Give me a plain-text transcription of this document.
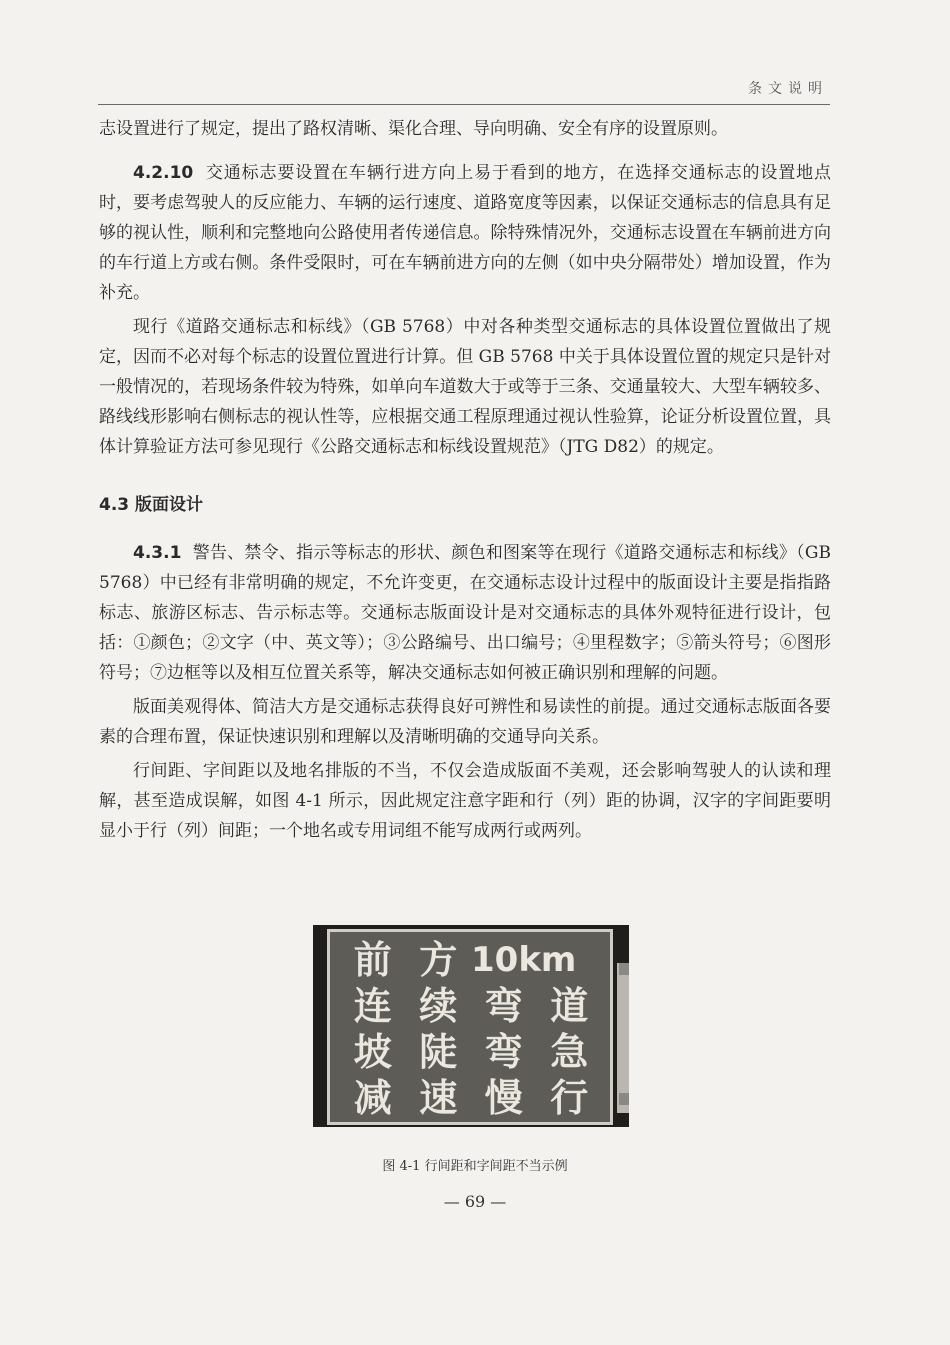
条文说明

志设置进行了规定，提出了路权清晰、渠化合理、导向明确、安全有序的设置原则。

4.2.10 交通标志要设置在车辆行进方向上易于看到的地方，在选择交通标志的设置地点时，要考虑驾驶人的反应能力、车辆的运行速度、道路宽度等因素，以保证交通标志的信息具有足够的视认性，顺利和完整地向公路使用者传递信息。除特殊情况外，交通标志设置在车辆前进方向的车行道上方或右侧。条件受限时，可在车辆前进方向的左侧（如中央分隔带处）增加设置，作为补充。

现行《道路交通标志和标线》（GB 5768）中对各种类型交通标志的具体设置位置做出了规定，因而不必对每个标志的设置位置进行计算。但 GB 5768 中关于具体设置位置的规定只是针对一般情况的，若现场条件较为特殊，如单向车道数大于或等于三条、交通量较大、大型车辆较多、路线线形影响右侧标志的视认性等，应根据交通工程原理通过视认性验算，论证分析设置位置，具体计算验证方法可参见现行《公路交通标志和标线设置规范》（JTG D82）的规定。

4.3 版面设计

4.3.1 警告、禁令、指示等标志的形状、颜色和图案等在现行《道路交通标志和标线》（GB 5768）中已经有非常明确的规定，不允许变更，在交通标志设计过程中的版面设计主要是指指路标志、旅游区标志、告示标志等。交通标志版面设计是对交通标志的具体外观特征进行设计，包括：①颜色；②文字（中、英文等）；③公路编号、出口编号；④里程数字；⑤箭头符号；⑥图形符号；⑦边框等以及相互位置关系等，解决交通标志如何被正确识别和理解的问题。

版面美观得体、简洁大方是交通标志获得良好可辨性和易读性的前提。通过交通标志版面各要素的合理布置，保证快速识别和理解以及清晰明确的交通导向关系。

行间距、字间距以及地名排版的不当，不仅会造成版面不美观，还会影响驾驶人的认读和理解，甚至造成误解，如图 4-1 所示，因此规定注意字距和行（列）距的协调，汉字的字间距要明显小于行（列）间距；一个地名或专用词组不能写成两行或两列。

前 方 10km
连 续 弯 道
坡 陡 弯 急
减 速 慢 行
图 4-1 行间距和字间距不当示例
— 69 —
